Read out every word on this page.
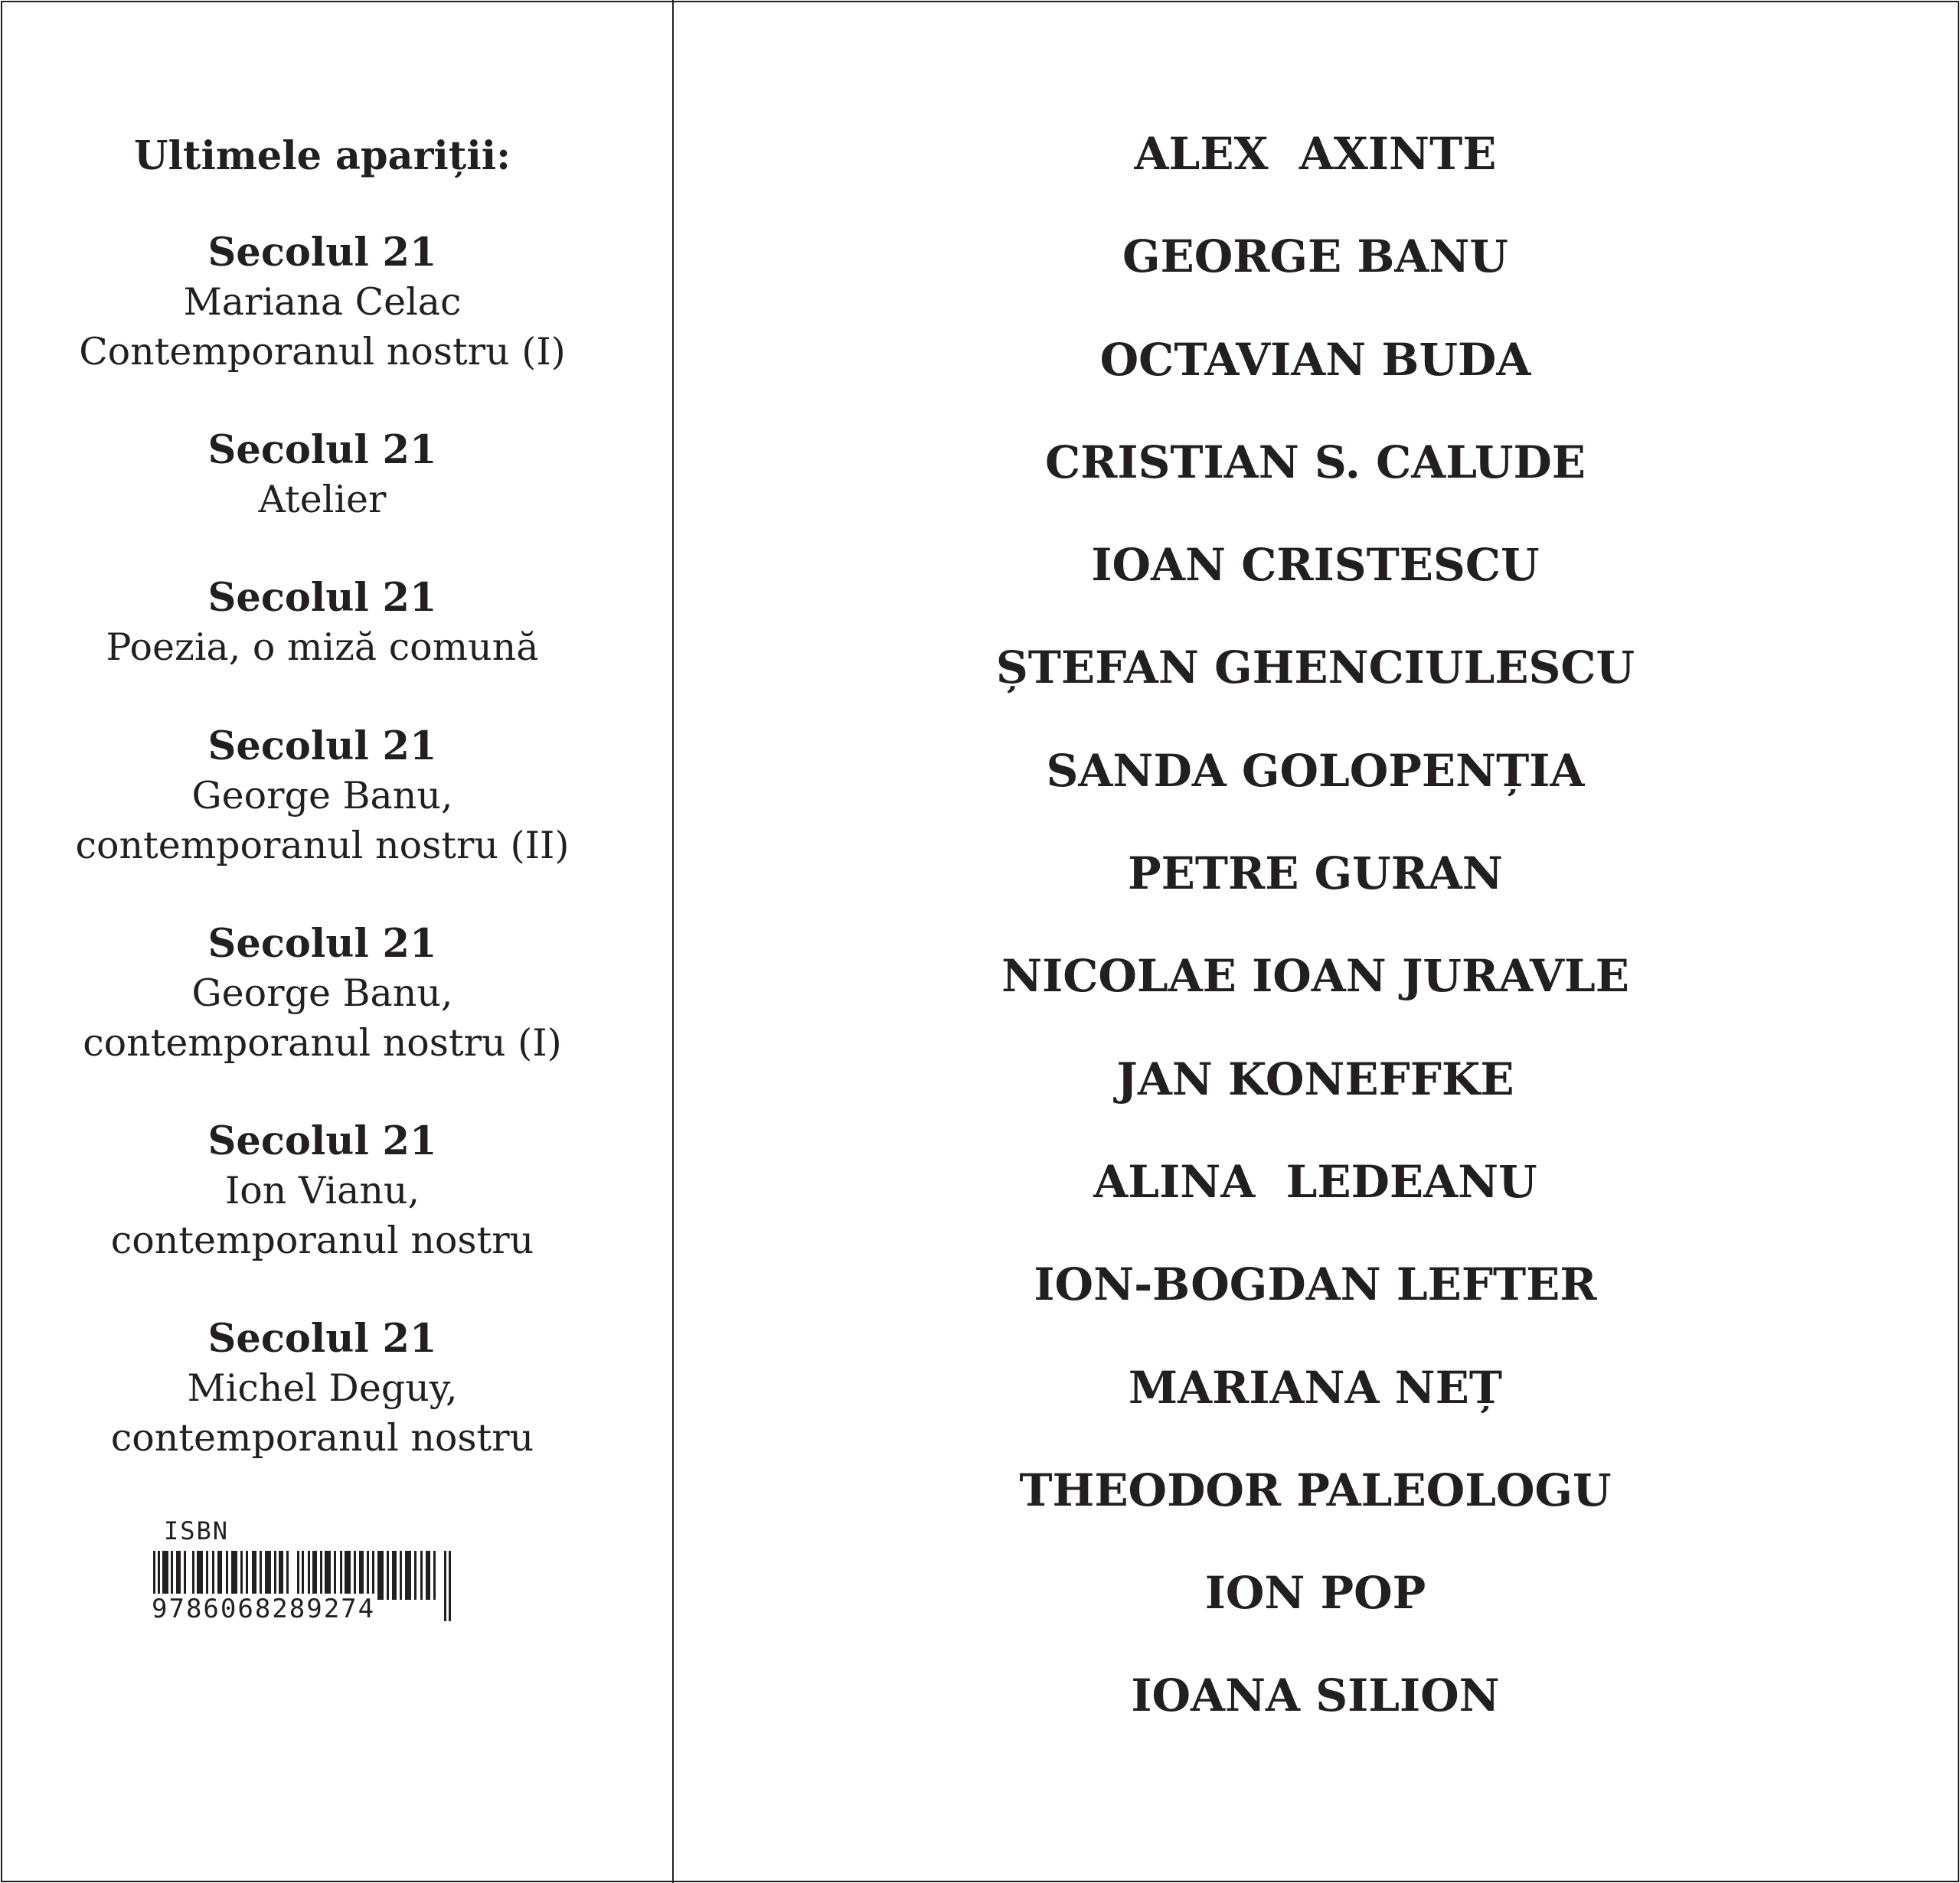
Ultimele apariții:
Secolul 21
Mariana Celac
Contemporanul nostru (I)
Secolul 21
Atelier
Secolul 21
Poezia, o miză comună
Secolul 21
George Banu,
contemporanul nostru (II)
Secolul 21
George Banu,
contemporanul nostru (I)
Secolul 21
Ion Vianu,
contemporanul nostru
Secolul 21
Michel Deguy,
contemporanul nostru
ISBN
9786068289274
ALEX  AXINTE
GEORGE BANU
OCTAVIAN BUDA
CRISTIAN S. CALUDE
IOAN CRISTESCU
ȘTEFAN GHENCIULESCU
SANDA GOLOPENȚIA
PETRE GURAN
NICOLAE IOAN JURAVLE
JAN KONEFFKE
ALINA  LEDEANU
ION-BOGDAN LEFTER
MARIANA NEȚ
THEODOR PALEOLOGU
ION POP
IOANA SILION
